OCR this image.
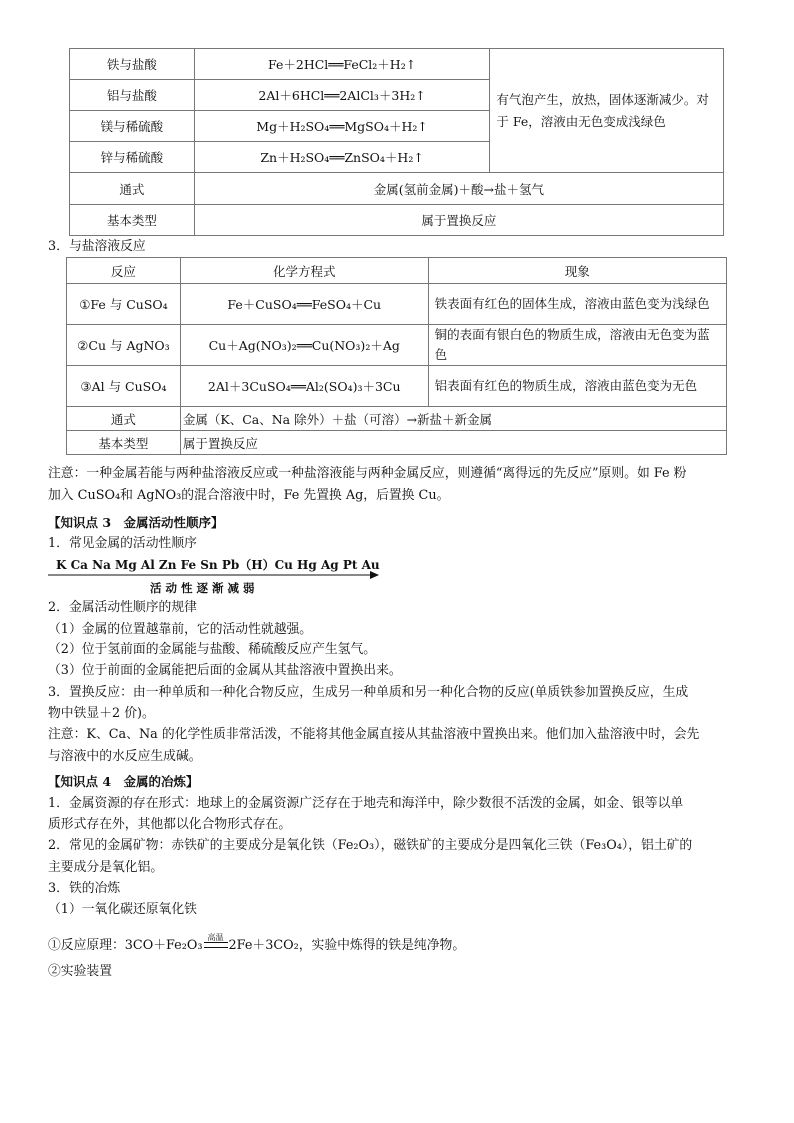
铁与盐酸	Fe＋2HCl══FeCl₂＋H₂↑	有气泡产生，放热，固体逐渐减少。对于 Fe，溶液由无色变成浅绿色
铝与盐酸	2Al＋6HCl══2AlCl₃＋3H₂↑	
镁与稀硫酸	Mg＋H₂SO₄══MgSO₄＋H₂↑	
锌与稀硫酸	Zn＋H₂SO₄══ZnSO₄＋H₂↑	
通式	金属(氢前金属)＋酸→盐＋氢气	
基本类型	属于置换反应	
3．与盐溶液反应
反应	化学方程式	现象
①Fe 与 CuSO₄	Fe＋CuSO₄══FeSO₄＋Cu	铁表面有红色的固体生成，溶液由蓝色变为浅绿色
②Cu 与 AgNO₃	Cu＋Ag(NO₃)₂══Cu(NO₃)₂＋Ag	铜的表面有银白色的物质生成，溶液由无色变为蓝色
③Al 与 CuSO₄	2Al＋3CuSO₄══Al₂(SO₄)₃＋3Cu	铝表面有红色的物质生成，溶液由蓝色变为无色
通式	金属（K、Ca、Na 除外）＋盐（可溶）→新盐＋新金属	
基本类型	属于置换反应	
注意：一种金属若能与两种盐溶液反应或一种盐溶液能与两种金属反应，则遵循“离得远的先反应”原则。如 Fe 粉
加入 CuSO₄和 AgNO₃的混合溶液中时，Fe 先置换 Ag，后置换 Cu。
【知识点 3　金属活动性顺序】
1．常见金属的活动性顺序
K Ca Na Mg Al Zn Fe Sn Pb（H）Cu Hg Ag Pt Au
活 动 性 逐 渐 减 弱
2．金属活动性顺序的规律
（1）金属的位置越靠前，它的活动性就越强。
（2）位于氢前面的金属能与盐酸、稀硫酸反应产生氢气。
（3）位于前面的金属能把后面的金属从其盐溶液中置换出来。
3．置换反应：由一种单质和一种化合物反应，生成另一种单质和另一种化合物的反应(单质铁参加置换反应，生成
物中铁显＋2 价)。
注意：K、Ca、Na 的化学性质非常活泼，不能将其他金属直接从其盐溶液中置换出来。他们加入盐溶液中时，会先
与溶液中的水反应生成碱。
【知识点 4　金属的冶炼】
1．金属资源的存在形式：地球上的金属资源广泛存在于地壳和海洋中，除少数很不活泼的金属，如金、银等以单
质形式存在外，其他都以化合物形式存在。
2．常见的金属矿物：赤铁矿的主要成分是氧化铁（Fe₂O₃），磁铁矿的主要成分是四氧化三铁（Fe₃O₄），铝土矿的
主要成分是氧化铝。
3．铁的冶炼
（1）一氧化碳还原氧化铁
①反应原理：3CO＋Fe₂O₃
高温
2Fe＋3CO₂，实验中炼得的铁是纯净物。
②实验装置
